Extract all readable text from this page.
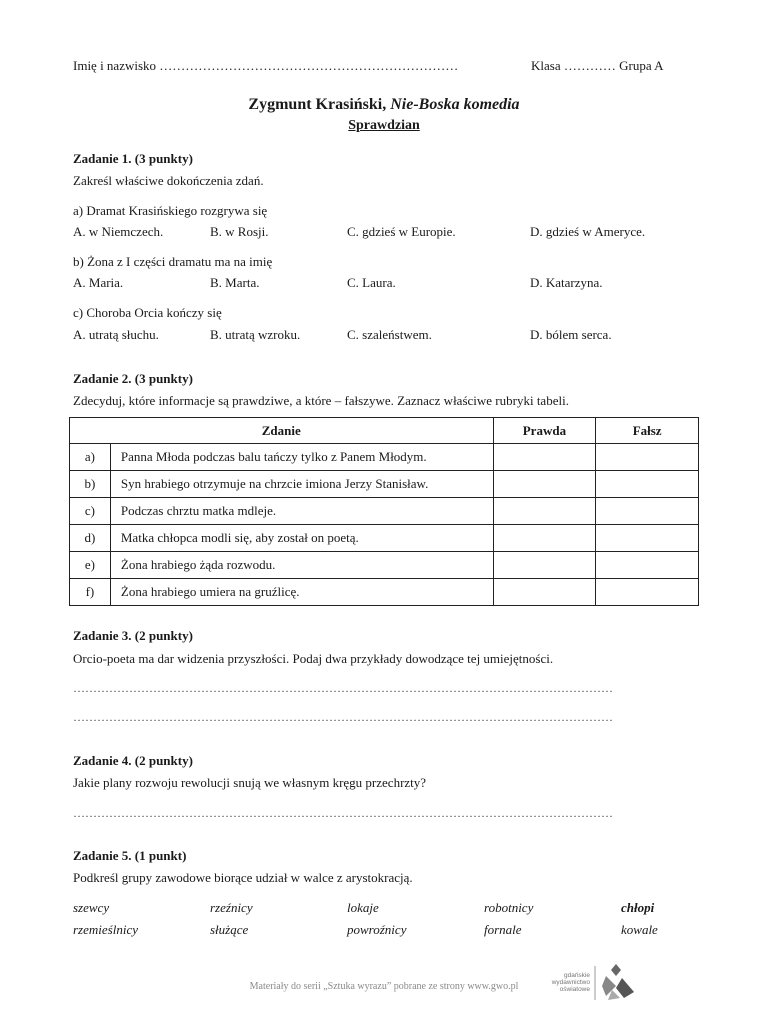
Imię i nazwisko ……………………………………………………………	Klasa ………… Grupa A
Zygmunt Krasiński, Nie-Boska komedia
Sprawdzian
Zadanie 1. (3 punkty)
Zakreśl właściwe dokończenia zdań.
a) Dramat Krasińskiego rozgrywa się
A. w Niemczech.	B. w Rosji.	C. gdzieś w Europie.	D. gdzieś w Ameryce.
b) Żona z I części dramatu ma na imię
A. Maria.	B. Marta.	C. Laura.	D. Katarzyna.
c) Choroba Orcia kończy się
A. utratą słuchu.	B. utratą wzroku.	C. szaleństwem.	D. bólem serca.
Zadanie 2. (3 punkty)
Zdecyduj, które informacje są prawdziwe, a które – fałszywe. Zaznacz właściwe rubryki tabeli.
Zdanie		Prawda	Fałsz
a)	Panna Młoda podczas balu tańczy tylko z Panem Młodym.		
b)	Syn hrabiego otrzymuje na chrzcie imiona Jerzy Stanisław.		
c)	Podczas chrztu matka mdleje.		
d)	Matka chłopca modli się, aby został on poetą.		
e)	Żona hrabiego żąda rozwodu.		
f)	Żona hrabiego umiera na gruźlicę.		
Zadanie 3. (2 punkty)
Orcio-poeta ma dar widzenia przyszłości. Podaj dwa przykłady dowodzące tej umiejętności.
………………………………………………………………………………………………………………………
………………………………………………………………………………………………………………………
Zadanie 4. (2 punkty)
Jakie plany rozwoju rewolucji snują we własnym kręgu przechrzty?
………………………………………………………………………………………………………………………
Zadanie 5. (1 punkt)
Podkreśl grupy zawodowe biorące udział w walce z arystokracją.
szewcy	rzeźnicy	lokaje	robotnicy	chłopi
rzemieślnicy	służące	powroźnicy	fornale	kowale
Materiały do serii „Sztuka wyrazu” pobrane ze strony www.gwo.pl
gdańskie
wydawnictwo
oświatowe
